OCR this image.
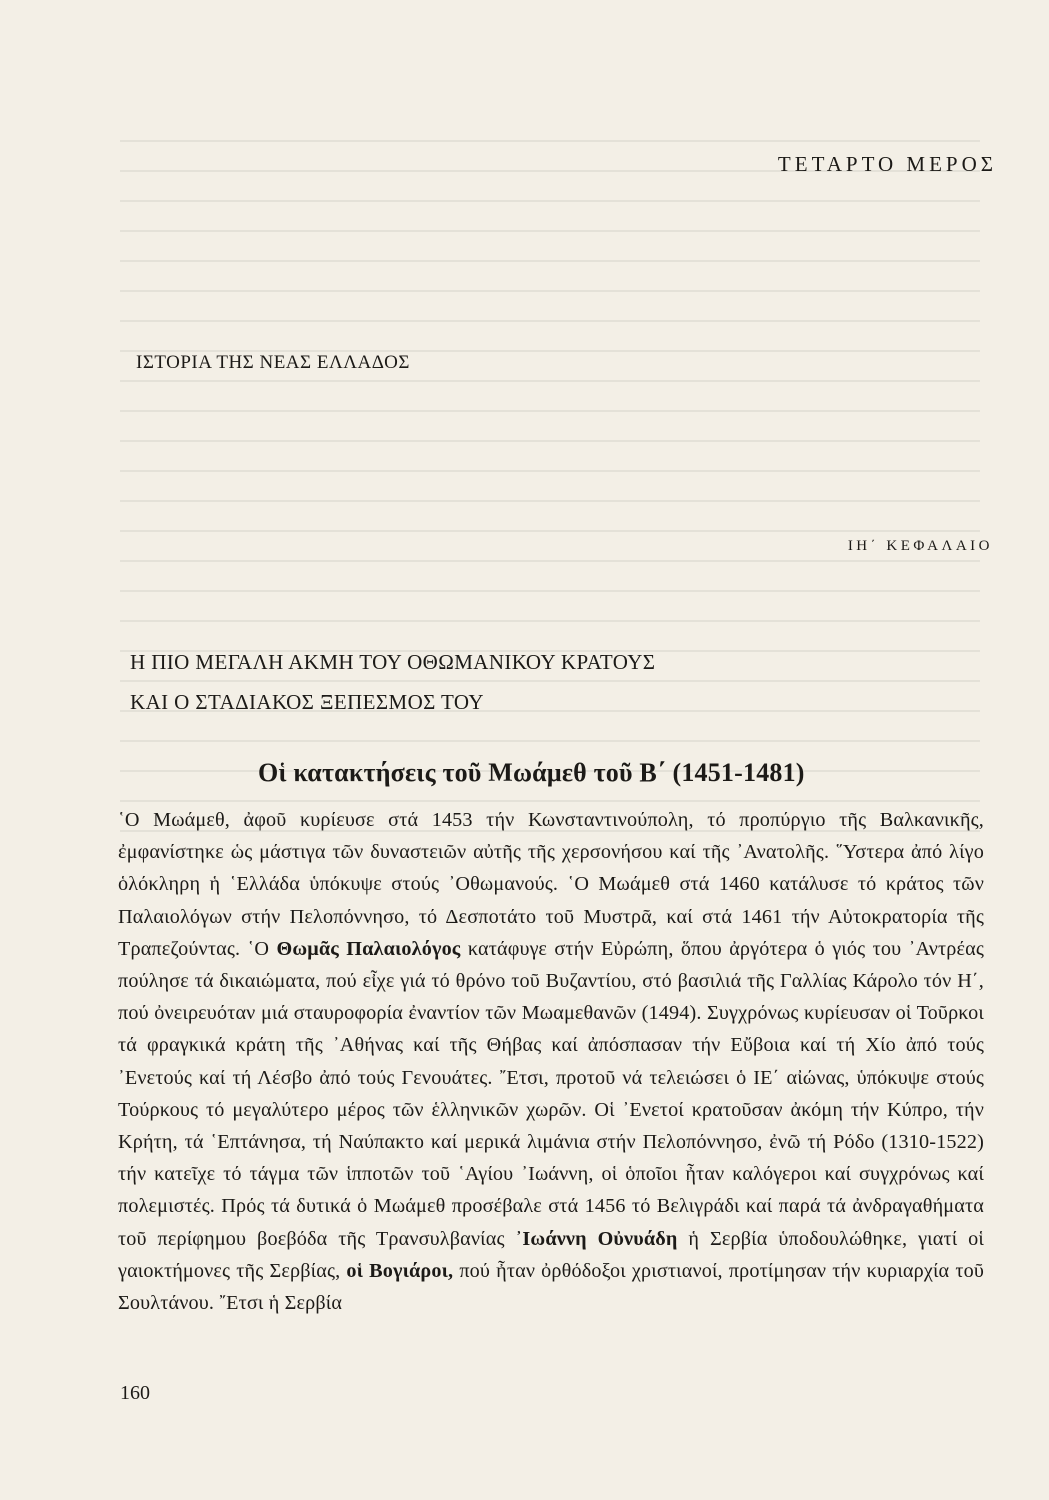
ΤΕΤΑΡΤΟ ΜΕΡΟΣ
ΙΣΤΟΡΙΑ ΤΗΣ ΝΕΑΣ ΕΛΛΑΔΟΣ
ΙΗ΄ ΚΕΦΑΛΑΙΟ
Η ΠΙΟ ΜΕΓΑΛΗ ΑΚΜΗ ΤΟΥ ΟΘΩΜΑΝΙΚΟΥ ΚΡΑΤΟΥΣ
ΚΑΙ Ο ΣΤΑΔΙΑΚΟΣ ΞΕΠΕΣΜΟΣ ΤΟΥ
Οἱ κατακτήσεις τοῦ Μωάμεθ τοῦ Β΄ (1451-1481)
῾Ο Μωάμεθ, ἀφοῦ κυρίευσε στά 1453 τήν Κωνσταντινούπολη, τό προπύργιο τῆς Βαλκανικῆς, ἐμφανίστηκε ὡς μάστιγα τῶν δυναστειῶν αὐτῆς τῆς χερσονήσου καί τῆς ᾿Ανατολῆς. ῞Υστερα ἀπό λίγο ὁλόκληρη ἡ ῾Ελλάδα ὑπόκυψε στούς ᾿Οθωμανούς. ῾Ο Μωάμεθ στά 1460 κατάλυσε τό κράτος τῶν Παλαιολόγων στήν Πελοπόννησο, τό Δεσποτάτο τοῦ Μυστρᾶ, καί στά 1461 τήν Αὐτοκρατορία τῆς Τραπεζούντας. ῾Ο Θωμᾶς Παλαιολόγος κατάφυγε στήν Εὐρώπη, ὅπου ἀργότερα ὁ γιός του ᾿Αντρέας πούλησε τά δικαιώματα, πού εἶχε γιά τό θρόνο τοῦ Βυζαντίου, στό βασιλιά τῆς Γαλλίας Κάρολο τόν Η΄, πού ὀνειρευόταν μιά σταυροφορία ἐναντίον τῶν Μωαμεθανῶν (1494). Συγχρόνως κυρίευσαν οἱ Τοῦρκοι τά φραγκικά κράτη τῆς ᾿Αθήνας καί τῆς Θήβας καί ἀπόσπασαν τήν Εὔβοια καί τή Χίο ἀπό τούς ᾿Ενετούς καί τή Λέσβο ἀπό τούς Γενουάτες. ῎Ετσι, προτοῦ νά τελειώσει ὁ ΙΕ΄ αἰώνας, ὑπόκυψε στούς Τούρκους τό μεγαλύτερο μέρος τῶν ἑλληνικῶν χωρῶν. Οἱ ᾿Ενετοί κρατοῦσαν ἀκόμη τήν Κύπρο, τήν Κρήτη, τά ῾Επτάνησα, τή Ναύπακτο καί μερικά λιμάνια στήν Πελοπόννησο, ἐνῶ τή Ρόδο (1310-1522) τήν κατεῖχε τό τάγμα τῶν ἱπποτῶν τοῦ ῾Αγίου ᾿Ιωάννη, οἱ ὁποῖοι ἦταν καλόγεροι καί συγχρόνως καί πολεμιστές. Πρός τά δυτικά ὁ Μωάμεθ προσέβαλε στά 1456 τό Βελιγράδι καί παρά τά ἀνδραγαθήματα τοῦ περίφημου βοεβόδα τῆς Τρανσυλβανίας ᾿Ιωάννη Οὐνυάδη ἡ Σερβία ὑποδουλώθηκε, γιατί οἱ γαιοκτήμονες τῆς Σερβίας, οἱ Βογιάροι, πού ἦταν ὀρθόδοξοι χριστιανοί, προτίμησαν τήν κυριαρχία τοῦ Σουλτάνου. ῎Ετσι ἡ Σερβία
160
